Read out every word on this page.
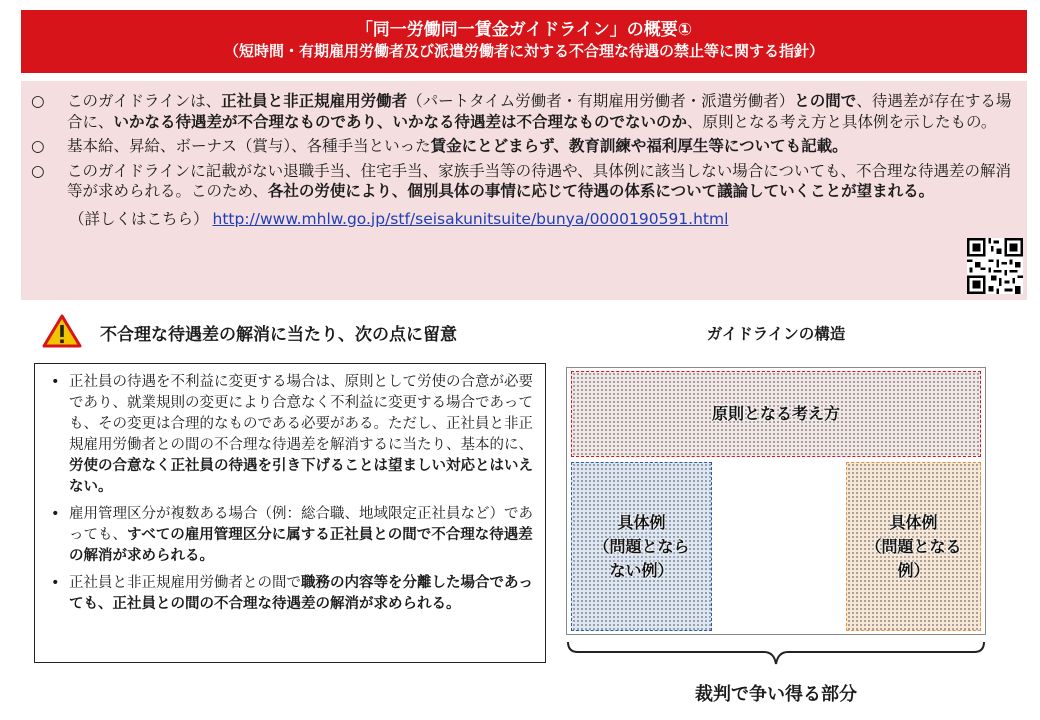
「同一労働同一賃金ガイドライン」の概要①
（短時間・有期雇用労働者及び派遣労働者に対する不合理な待遇の禁止等に関する指針）
○ このガイドラインは、正社員と非正規雇用労働者（パートタイム労働者・有期雇用労働者・派遣労働者）との間で、待遇差が存在する場合に、いかなる待遇差が不合理なものであり、いかなる待遇差は不合理なものでないのか、原則となる考え方と具体例を示したもの。
○ 基本給、昇給、ボーナス（賞与）、各種手当といった賃金にとどまらず、教育訓練や福利厚生等についても記載。
○ このガイドラインに記載がない退職手当、住宅手当、家族手当等の待遇や、具体例に該当しない場合についても、不合理な待遇差の解消等が求められる。このため、各社の労使により、個別具体の事情に応じて待遇の体系について議論していくことが望まれる。
（詳しくはこちら） http://www.mhlw.go.jp/stf/seisakunitsuite/bunya/0000190591.html
不合理な待遇差の解消に当たり、次の点に留意
• 正社員の待遇を不利益に変更する場合は、原則として労使の合意が必要であり、就業規則の変更により合意なく不利益に変更する場合であっても、その変更は合理的なものである必要がある。ただし、正社員と非正規雇用労働者との間の不合理な待遇差を解消するに当たり、基本的に、労使の合意なく正社員の待遇を引き下げることは望ましい対応とはいえない。
• 雇用管理区分が複数ある場合（例：総合職、地域限定正社員など）であっても、すべての雇用管理区分に属する正社員との間で不合理な待遇差の解消が求められる。
• 正社員と非正規雇用労働者との間で職務の内容等を分離した場合であっても、正社員との間の不合理な待遇差の解消が求められる。
ガイドラインの構造
原則となる考え方
具体例
（問題となら
ない例）
具体例
（問題となる
例）
裁判で争い得る部分
